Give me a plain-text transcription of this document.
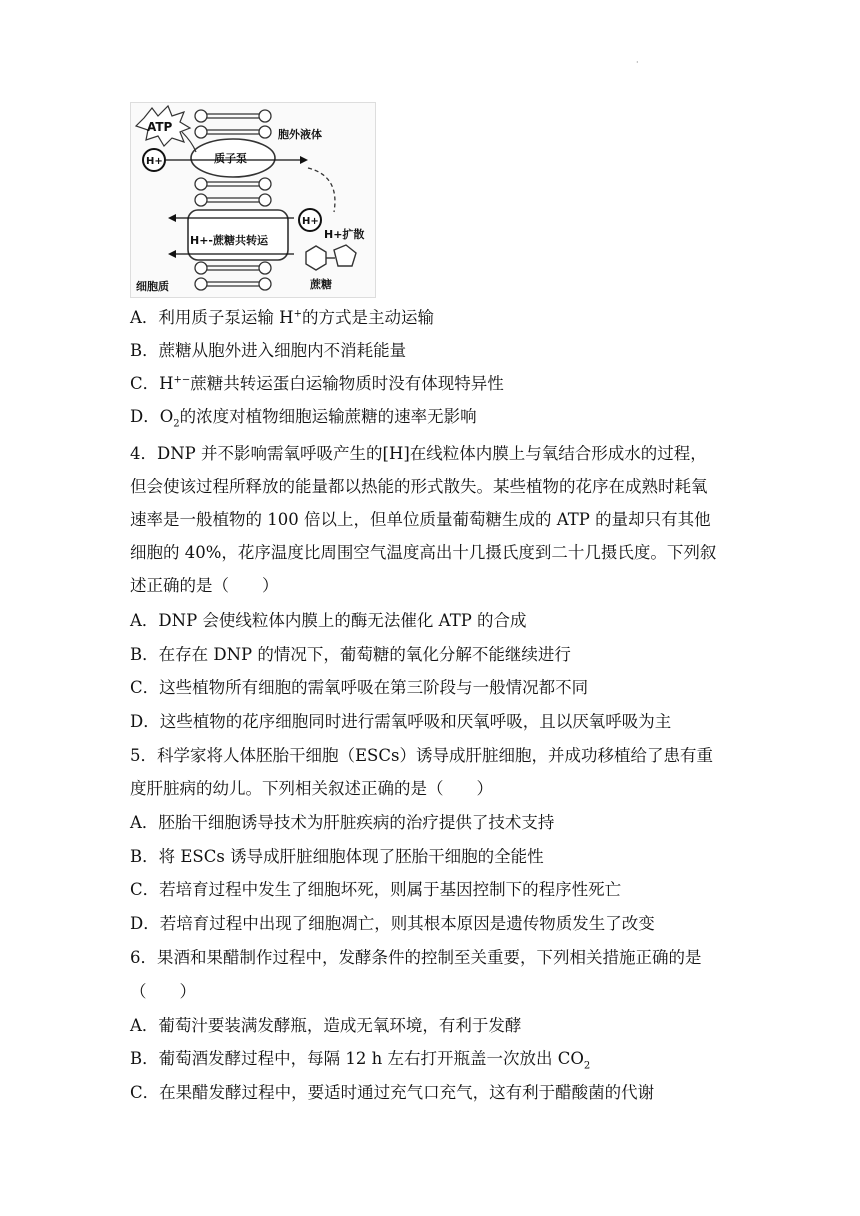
·
ATP
H+
胞外液体
质子泵
H+
H+扩散
H+-蔗糖共转运
蔗糖
细胞质
A．利用质子泵运输 H+的方式是主动运输
B．蔗糖从胞外进入细胞内不消耗能量
C．H+−蔗糖共转运蛋白运输物质时没有体现特异性
D．$O_2$的浓度对植物细胞运输蔗糖的速率无影响
4．DNP 并不影响需氧呼吸产生的[H]在线粒体内膜上与氧结合形成水的过程，
但会使该过程所释放的能量都以热能的形式散失。某些植物的花序在成熟时耗氧
速率是一般植物的 100 倍以上，但单位质量葡萄糖生成的 ATP 的量却只有其他
细胞的 40%，花序温度比周围空气温度高出十几摄氏度到二十几摄氏度。下列叙
述正确的是（　　）
A．DNP 会使线粒体内膜上的酶无法催化 ATP 的合成
B．在存在 DNP 的情况下，葡萄糖的氧化分解不能继续进行
C．这些植物所有细胞的需氧呼吸在第三阶段与一般情况都不同
D．这些植物的花序细胞同时进行需氧呼吸和厌氧呼吸，且以厌氧呼吸为主
5．科学家将人体胚胎干细胞（ESCs）诱导成肝脏细胞，并成功移植给了患有重
度肝脏病的幼儿。下列相关叙述正确的是（　　）
A．胚胎干细胞诱导技术为肝脏疾病的治疗提供了技术支持
B．将 ESCs 诱导成肝脏细胞体现了胚胎干细胞的全能性
C．若培育过程中发生了细胞坏死，则属于基因控制下的程序性死亡
D．若培育过程中出现了细胞凋亡，则其根本原因是遗传物质发生了改变
6．果酒和果醋制作过程中，发酵条件的控制至关重要，下列相关措施正确的是
（　　）
A．葡萄汁要装满发酵瓶，造成无氧环境，有利于发酵
B．葡萄酒发酵过程中，每隔 12 h 左右打开瓶盖一次放出 $CO_2$
C．在果醋发酵过程中，要适时通过充气口充气，这有利于醋酸菌的代谢
